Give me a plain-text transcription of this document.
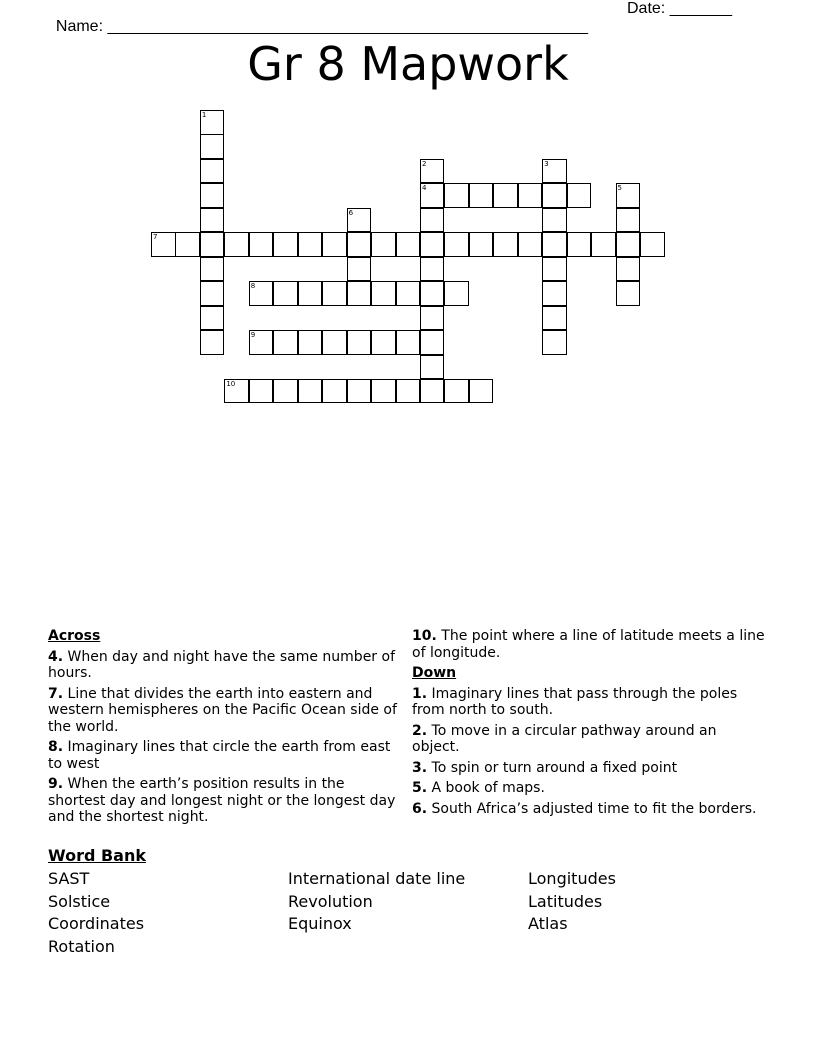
Name: ______________________________________________________

Date: _______

Gr 8 Mapwork
1
2
4
3
5
6
7
8
9
10
Across
4. When day and night have the same number of hours.
7. Line that divides the earth into eastern and western hemispheres on the Pacific Ocean side of the world.
8. Imaginary lines that circle the earth from east to west
9. When the earth’s position results in the shortest day and longest night or the longest day and the shortest night.
10. The point where a line of latitude meets a line of longitude.
Down
1. Imaginary lines that pass through the poles from north to south.
2. To move in a circular pathway around an object.
3. To spin or turn around a fixed point
5. A book of maps.
6. South Africa’s adjusted time to fit the borders.
Word Bank
SAST
Solstice
Coordinates
Rotation
International date line
Revolution
Equinox
Longitudes
Latitudes
Atlas
